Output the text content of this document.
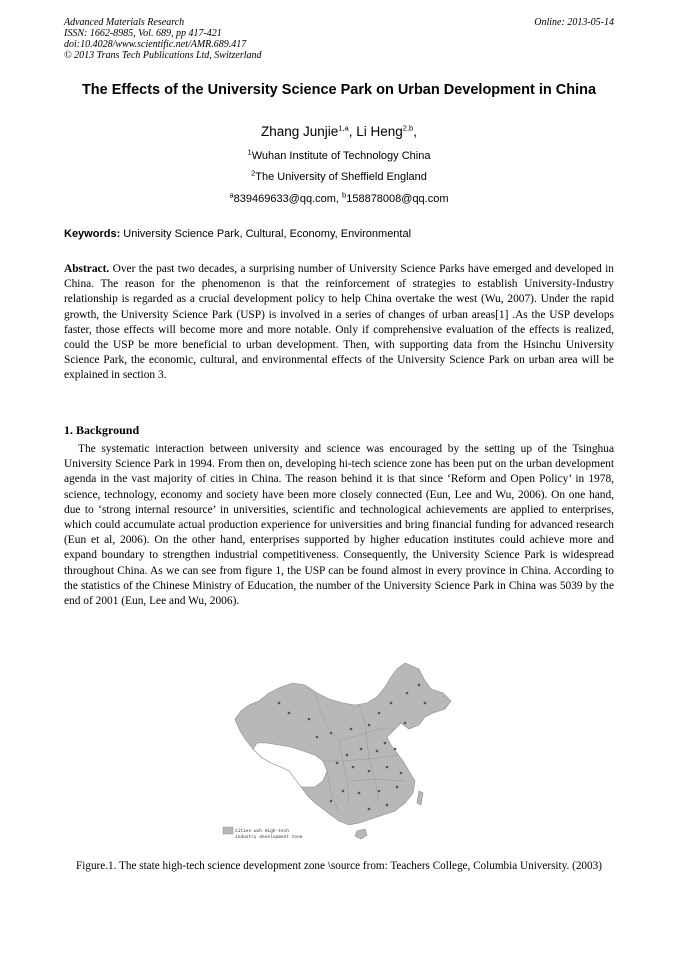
Advanced Materials Research
ISSN: 1662-8985, Vol. 689, pp 417-421
doi:10.4028/www.scientific.net/AMR.689.417
© 2013 Trans Tech Publications Ltd, Switzerland
Online: 2013-05-14
The Effects of the University Science Park on Urban Development in China
Zhang Junjie$^{1,a}$, Li Heng$^{2,b}$,
$^1$Wuhan Institute of Technology China
$^2$The University of Sheffield England
$^a$839469633@qq.com, $^b$158878008@qq.com
Keywords: University Science Park, Cultural, Economy, Environmental
Abstract. Over the past two decades, a surprising number of University Science Parks have emerged and developed in China. The reason for the phenomenon is that the reinforcement of strategies to establish University-Industry relationship is regarded as a crucial development policy to help China overtake the west (Wu, 2007). Under the rapid growth, the University Science Park (USP) is involved in a series of changes of urban areas[1] .As the USP develops faster, those effects will become more and more notable. Only if comprehensive evaluation of the effects is realized, could the USP be more beneficial to urban development. Then, with supporting data from the Hsinchu University Science Park, the economic, cultural, and environmental effects of the University Science Park on urban area will be explained in section 3.
1. Background
The systematic interaction between university and science was encouraged by the setting up of the Tsinghua University Science Park in 1994. From then on, developing hi-tech science zone has been put on the urban development agenda in the vast majority of cities in China. The reason behind it is that since ‘Reform and Open Policy’ in 1978, science, technology, economy and society have been more closely connected (Eun, Lee and Wu, 2006). On one hand, due to ‘strong internal resource’ in universities, scientific and technological achievements are applied to enterprises, which could accumulate actual production experience for universities and bring financial funding for advanced research (Eun et al, 2006). On the other hand, enterprises supported by higher education institutes could achieve more and expand boundary to strengthen industrial competitiveness. Consequently, the University Science Park is widespread throughout China. As we can see from figure 1, the USP can be found almost in every province in China. According to the statistics of the Chinese Ministry of Education, the number of the University Science Park in China was 5039 by the end of 2001 (Eun, Lee and Wu, 2006).
Cities wih High-tech
industry development zone
Figure.1. The state high-tech science development zone \source from: Teachers College, Columbia University. (2003)
